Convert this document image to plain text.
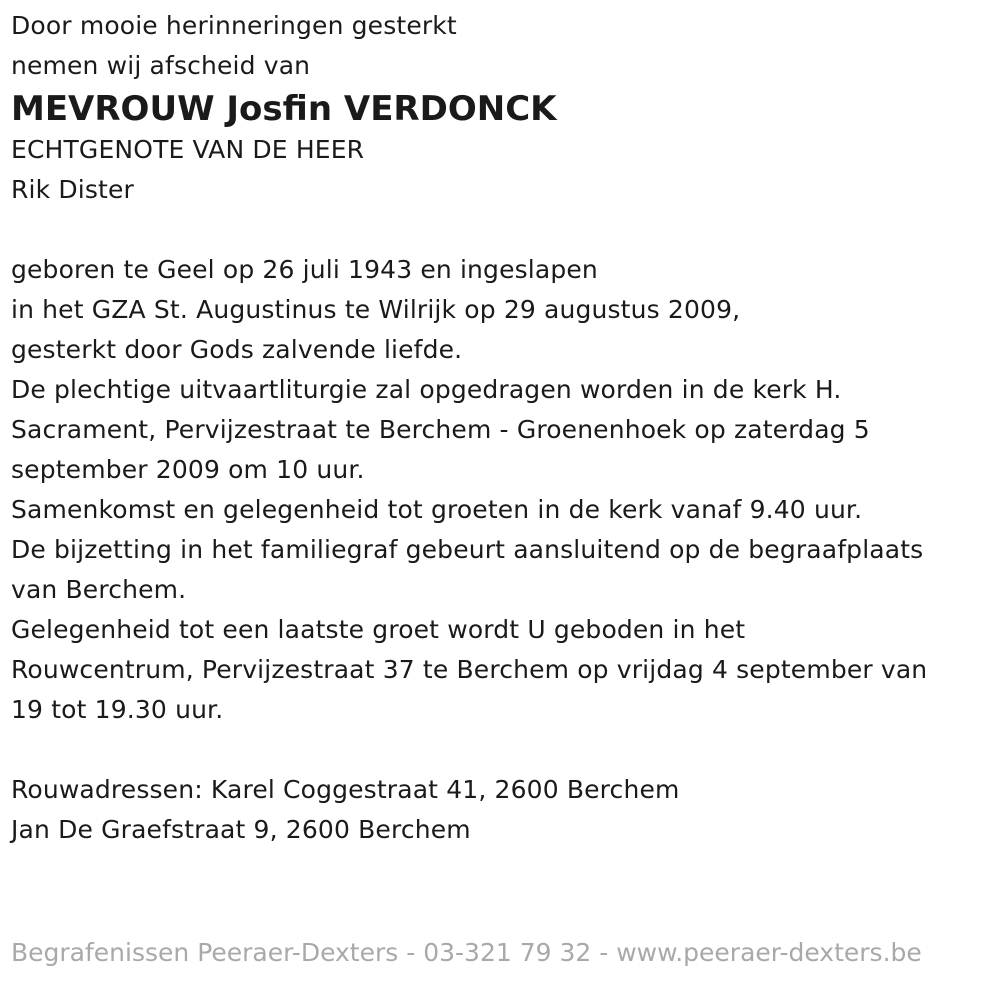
Door mooie herinneringen gesterkt
nemen wij afscheid van
MEVROUW Josfin VERDONCK
ECHTGENOTE VAN DE HEER
Rik Dister
geboren te Geel op 26 juli 1943 en ingeslapen
in het GZA St. Augustinus te Wilrijk op 29 augustus 2009,
gesterkt door Gods zalvende liefde.
De plechtige uitvaartliturgie zal opgedragen worden in de kerk H.
Sacrament, Pervijzestraat te Berchem - Groenenhoek op zaterdag 5
september 2009 om 10 uur.
Samenkomst en gelegenheid tot groeten in de kerk vanaf 9.40 uur.
De bijzetting in het familiegraf gebeurt aansluitend op de begraafplaats
van Berchem.
Gelegenheid tot een laatste groet wordt U geboden in het
Rouwcentrum, Pervijzestraat 37 te Berchem op vrijdag 4 september van
19 tot 19.30 uur.
Rouwadressen: Karel Coggestraat 41, 2600 Berchem
Jan De Graefstraat 9, 2600 Berchem
Begrafenissen Peeraer-Dexters - 03-321 79 32 - www.peeraer-dexters.be
